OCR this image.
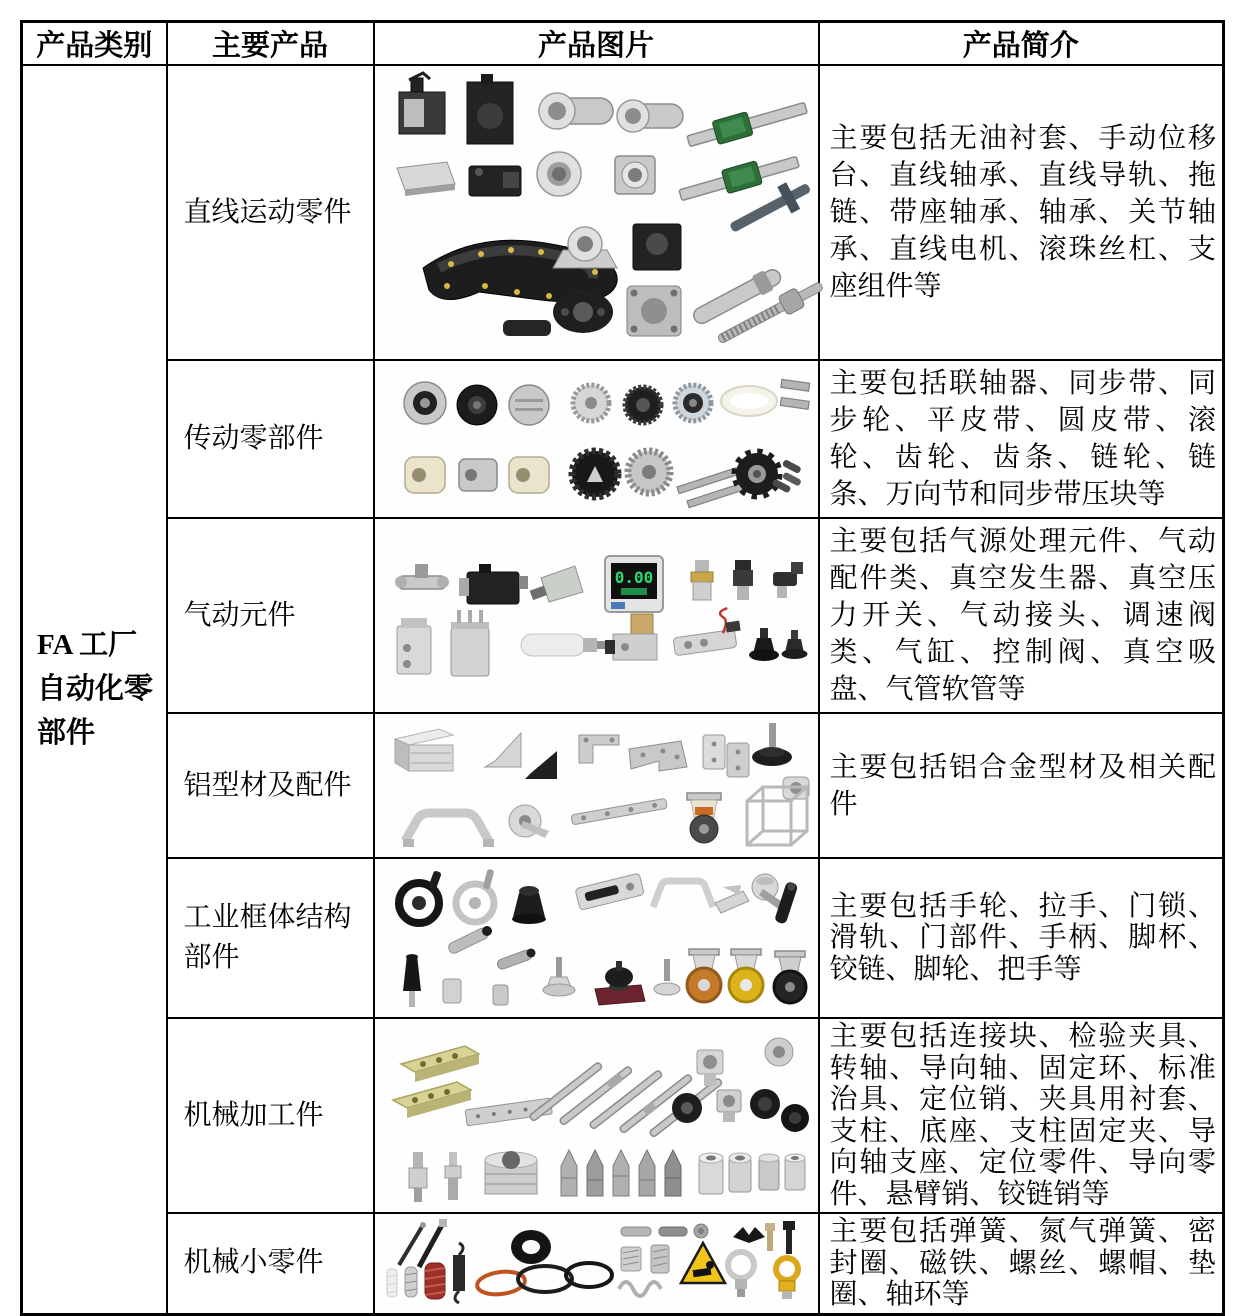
产品类别	主要产品	产品图片	产品简介
FA 工厂自动化零部件	直线运动零件		主要包括无油衬套、手动位移台、直线轴承、直线导轨、拖链、带座轴承、轴承、关节轴承、直线电机、滚珠丝杠、支座组件等
	传动零部件		主要包括联轴器、同步带、同步轮、平皮带、圆皮带、滚轮、齿轮、齿条、链轮、链条、万向节和同步带压块等
	气动元件	0.00	主要包括气源处理元件、气动配件类、真空发生器、真空压力开关、气动接头、调速阀类、气缸、控制阀、真空吸盘、气管软管等
	铝型材及配件		主要包括铝合金型材及相关配件
	工业框体结构部件		主要包括手轮、拉手、门锁、滑轨、门部件、手柄、脚杯、铰链、脚轮、把手等
	机械加工件		主要包括连接块、检验夹具、转轴、导向轴、固定环、标准治具、定位销、夹具用衬套、支柱、底座、支柱固定夹、导向轴支座、定位零件、导向零件、悬臂销、铰链销等
	机械小零件		主要包括弹簧、氮气弹簧、密封圈、磁铁、螺丝、螺帽、垫圈、轴环等
